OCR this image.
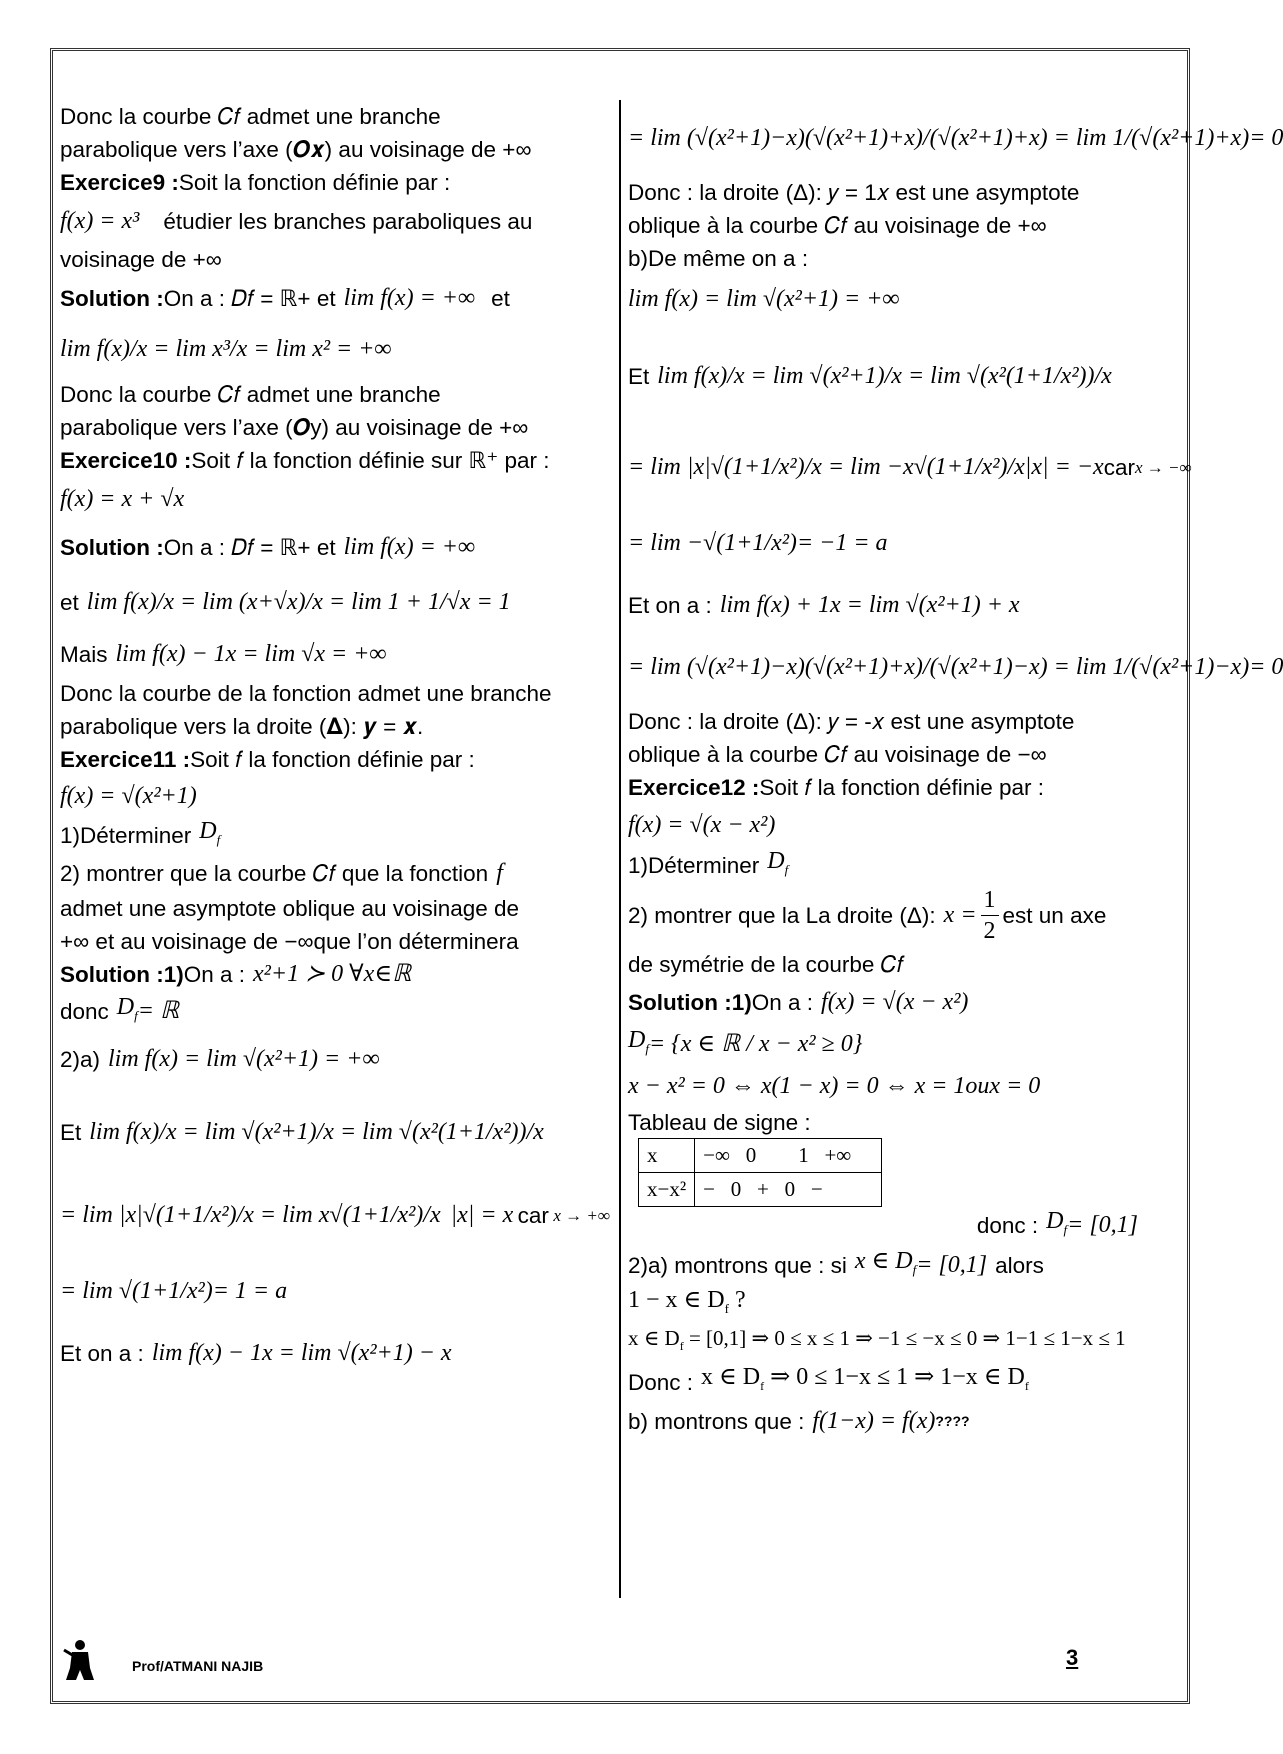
Donc la courbe 𝐶𝑓 admet une branche
parabolique vers l’axe (𝑶𝒙) au voisinage de +∞
Exercice9 : Soit la fonction définie par :
f(x) = x³ étudier les branches paraboliques au
voisinage de +∞
Solution : On a : 𝐷𝑓 = ℝ+ et lim f(x) = +∞ et
lim f(x)/x = lim x³/x = lim x² = +∞
Donc la courbe 𝐶𝑓 admet une branche
parabolique vers l’axe (𝑶y) au voisinage de +∞
Exercice10 : Soit 𝑓 la fonction définie sur ℝ⁺ par :
f(x) = x + √x
Solution : On a : 𝐷𝑓 = ℝ+ et lim f(x) = +∞
et lim f(x)/x = lim (x+√x)/x = lim 1 + 1/√x = 1
Mais lim f(x) − 1x = lim √x = +∞
Donc la courbe de la fonction admet une branche
parabolique vers la droite (𝚫): 𝒚 = 𝒙.
Exercice11 : Soit 𝑓 la fonction définie par :
f(x) = √(x²+1)
1)Déterminer $D_f$
2) montrer que la courbe 𝐶𝑓 que la fonction f
admet une asymptote oblique au voisinage de
+∞ et au voisinage de −∞que l’on déterminera
Solution :1) On a : x²+1 ≻ 0 ∀x∈ℝ
donc $D_f$ = ℝ
2)a) lim f(x) = lim √(x²+1) = +∞
Et lim f(x)/x = lim √(x²+1)/x = lim √(x²(1+1/x²))/x
= lim |x|√(1+1/x²)/x = lim x√(1+1/x²)/x |x| = x car x → +∞
= lim √(1+1/x²) = 1 = a
Et on a : lim f(x) − 1x = lim √(x²+1) − x
= lim (√(x²+1)−x)(√(x²+1)+x)/(√(x²+1)+x) = lim 1/(√(x²+1)+x) = 0
Donc : la droite (Δ): 𝑦 = 1𝑥 est une asymptote
oblique à la courbe 𝐶𝑓 au voisinage de +∞
b)De même on a :
lim f(x) = lim √(x²+1) = +∞
Et lim f(x)/x = lim √(x²+1)/x = lim √(x²(1+1/x²))/x
= lim |x|√(1+1/x²)/x = lim −x√(1+1/x²)/x |x| = −x car x → −∞
= lim −√(1+1/x²) = −1 = a
Et on a : lim f(x) + 1x = lim √(x²+1) + x
= lim (√(x²+1)−x)(√(x²+1)+x)/(√(x²+1)−x) = lim 1/(√(x²+1)−x) = 0
Donc : la droite (Δ): 𝑦 = -𝑥 est une asymptote
oblique à la courbe 𝐶𝑓 au voisinage de −∞
Exercice12 : Soit 𝑓 la fonction définie par :
f(x) = √(x − x²)
1)Déterminer $D_f$
2) montrer que la La droite (Δ): $x = \frac{1}{2}$ est un axe
de symétrie de la courbe 𝐶𝑓
Solution :1) On a : f(x) = √(x − x²)
$D_f = \{x$ ∈ ℝ / x − x² ≥ 0}
x − x² = 0 ⇔ x(1 − x) = 0 ⇔ x = 1ouх = 0
Tableau de signe :
x	−∞   0        1   +∞
x−x²	−   0   +   0   −
donc : $D_f = [0,1]$
2)a) montrons que : si x ∈ $D_f = [0,1]$ alors
1 − x ∈ $D_f$ ?
x ∈ $D_f = [0,1]$ ⇒ 0 ≤ x ≤ 1 ⇒ −1 ≤ −x ≤ 0 ⇒ 1−1 ≤ 1−x ≤ 1
Donc : x ∈ $D_f$ ⇒ 0 ≤ 1−x ≤ 1 ⇒ 1−x ∈ $D_f$
b) montrons que : f(1−x) = f(x) ????
Prof/ATMANI NAJIB	3
